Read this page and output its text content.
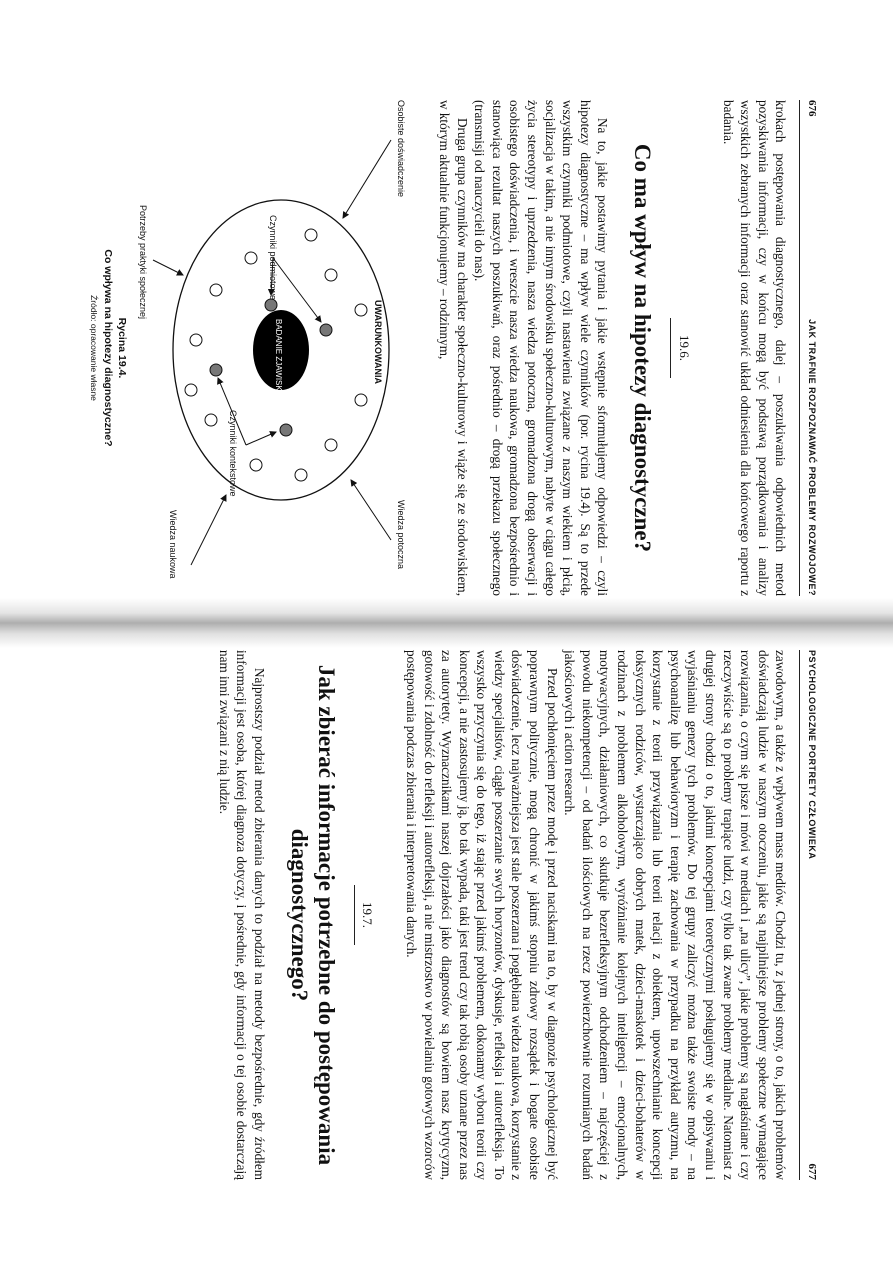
676
JAK TRAFNIE ROZPOZNAWAĆ PROBLEMY ROZWOJOWE?

krokach postępowania diagnostycznego, dalej – poszukiwania odpowiednich metod pozyskiwania informacji, czy w końcu mogą być podstawą porządkowania i analizy wszystkich zebranych informacji oraz stanowić układ odniesienia dla końcowego raportu z badania.

19.6.
Co ma wpływ na hipotezy diagnostyczne?

Na to, jakie postawimy pytania i jakie wstępnie sformułujemy odpowiedzi – czyli hipotezy diagnostyczne – ma wpływ wiele czynników (por. rycina 19.4). Są to przede wszystkim czynniki podmiotowe, czyli nastawienia związane z naszym wiekiem i płcią, socjalizacja w takim, a nie innym środowisku społeczno-kulturowym, nabyte w ciągu całego życia stereotypy i uprzedzenia, nasza wiedza potoczna, gromadzona drogą obserwacji i osobistego doświadczenia, i wreszcie nasza wiedza naukowa, gromadzona bezpośrednio i stanowiąca rezultat naszych poszukiwań, oraz pośrednio – drogą przekazu społecznego (transmisji od nauczycieli do nas).

Druga grupa czynników ma charakter społeczno-kulturowy i wiąże się ze środowiskiem, w którym aktualnie funkcjonujemy – rodzinnym,

BADANIE ZJAWISKA	UWARUNKOWANIA
Czynniki podmiotowe
Czynniki kontekstowe
Osobiste doświadczenie
Potrzeby praktyki społecznej
Wiedza potoczna
Wiedza naukowa
Rycina 19.4.
Co wpływa na hipotezy diagnostyczne?
Źródło: opracowanie własne
PSYCHOLOGICZNE PORTRETY CZŁOWIEKA
677

zawodowym, a także z wpływem mass mediów. Chodzi tu, z jednej strony, o to, jakich problemów doświadczają ludzie w naszym otoczeniu, jakie są najpilniejsze problemy społeczne wymagające rozwiązania, o czym się pisze i mówi w mediach i „na ulicy”, jakie problemy są nagłaśniane i czy rzeczywiście są to problemy trapiące ludzi, czy tylko tak zwane problemy medialne. Natomiast z drugiej strony chodzi o to, jakimi koncepcjami teoretycznymi posługujemy się w opisywaniu i wyjaśnianiu genezy tych problemów. Do tej grupy zaliczyć można także swoiste mody – na psychoanalizę lub behawioryzm i terapię zachowania w przypadku na przykład autyzmu, na korzystanie z teorii przywiązania lub teorii relacji z obiektem, upowszechnianie koncepcji toksycznych rodziców, wystarczająco dobrych matek, dzieci-maskotek i dzieci-bohaterów w rodzinach z problemem alkoholowym, wyróżnianie kolejnych inteligencji – emocjonalnych, motywacyjnych, działaniowych, co skutkuje bezrefleksyjnym odchodzeniem – najczęściej z powodu niekompetencji – od badań ilościowych na rzecz powierzchownie rozumianych badań jakościowych i action research.

Przed pochłonięciem przez modę i przed naciskami na to, by w diagnozie psychologicznej być poprawnym politycznie, mogą chronić w jakimś stopniu zdrowy rozsądek i bogate osobiste doświadczenie, lecz najważniejsza jest stale poszerzana i pogłębiana wiedza naukowa, korzystanie z wiedzy specjalistów, ciągłe poszerzanie swych horyzontów, dyskusje, refleksja i autorefleksja. To wszystko przyczynia się do tego, iż stając przed jakimś problemem, dokonamy wyboru teorii czy koncepcji, a nie zastosujemy ją, bo tak wypada, taki jest trend czy tak robią osoby uznane przez nas za autorytety. Wyznacznikami naszej dojrzałości jako diagnostów są bowiem nasz krytycyzm, gotowość i zdolność do refleksji i autorefleksji, a nie mistrzostwo w powielaniu gotowych wzorców postępowania podczas zbierania i interpretowania danych.

19.7.
Jak zbierać informacje potrzebne do postępowania diagnostycznego?

Najprostszy podział metod zbierania danych to podział na metody bezpośrednie, gdy źródłem informacji jest osoba, której diagnoza dotyczy, i pośrednie, gdy informacji o tej osobie dostarczają nam inni związani z nią ludzie.
